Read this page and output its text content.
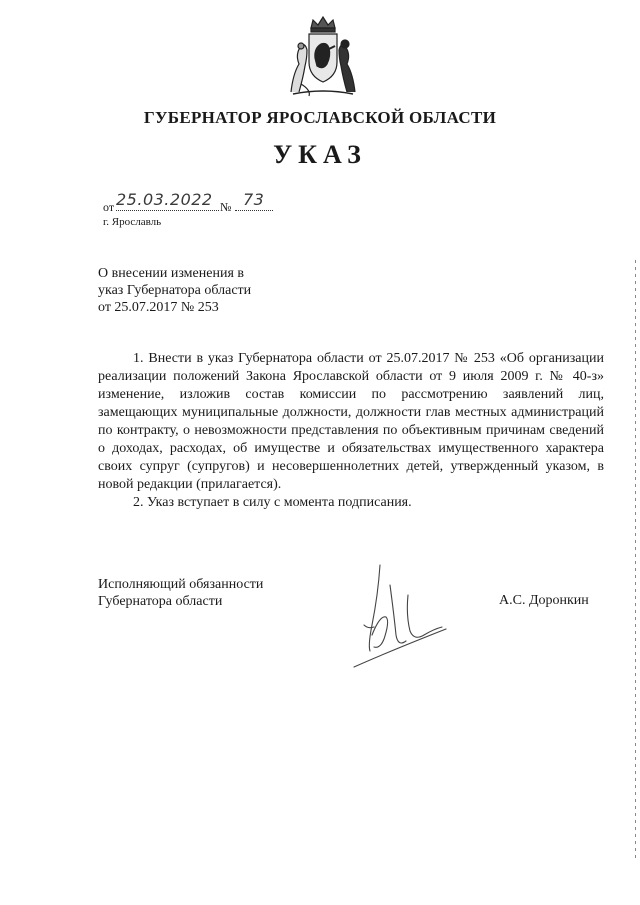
ГУБЕРНАТОР ЯРОСЛАВСКОЙ ОБЛАСТИ
УКАЗ
от 25.03.2022 № 73
г. Ярославль
О внесении изменения в
указ Губернатора области
от 25.07.2017 № 253

1. Внести в указ Губернатора области от 25.07.2017 № 253 «Об организации реализации положений Закона Ярославской области от 9 июля 2009 г. № 40-з» изменение, изложив состав комиссии по рассмотрению заявлений лиц, замещающих муниципальные должности, должности глав местных администраций по контракту, о невозможности представления по объективным причинам сведений о доходах, расходах, об имуществе и обязательствах имущественного характера своих супруг (супругов) и несовершеннолетних детей, утвержденный указом, в новой редакции (прилагается).

2. Указ вступает в силу с момента подписания.

Исполняющий обязанности
Губернатора области	А.С. Доронкин
